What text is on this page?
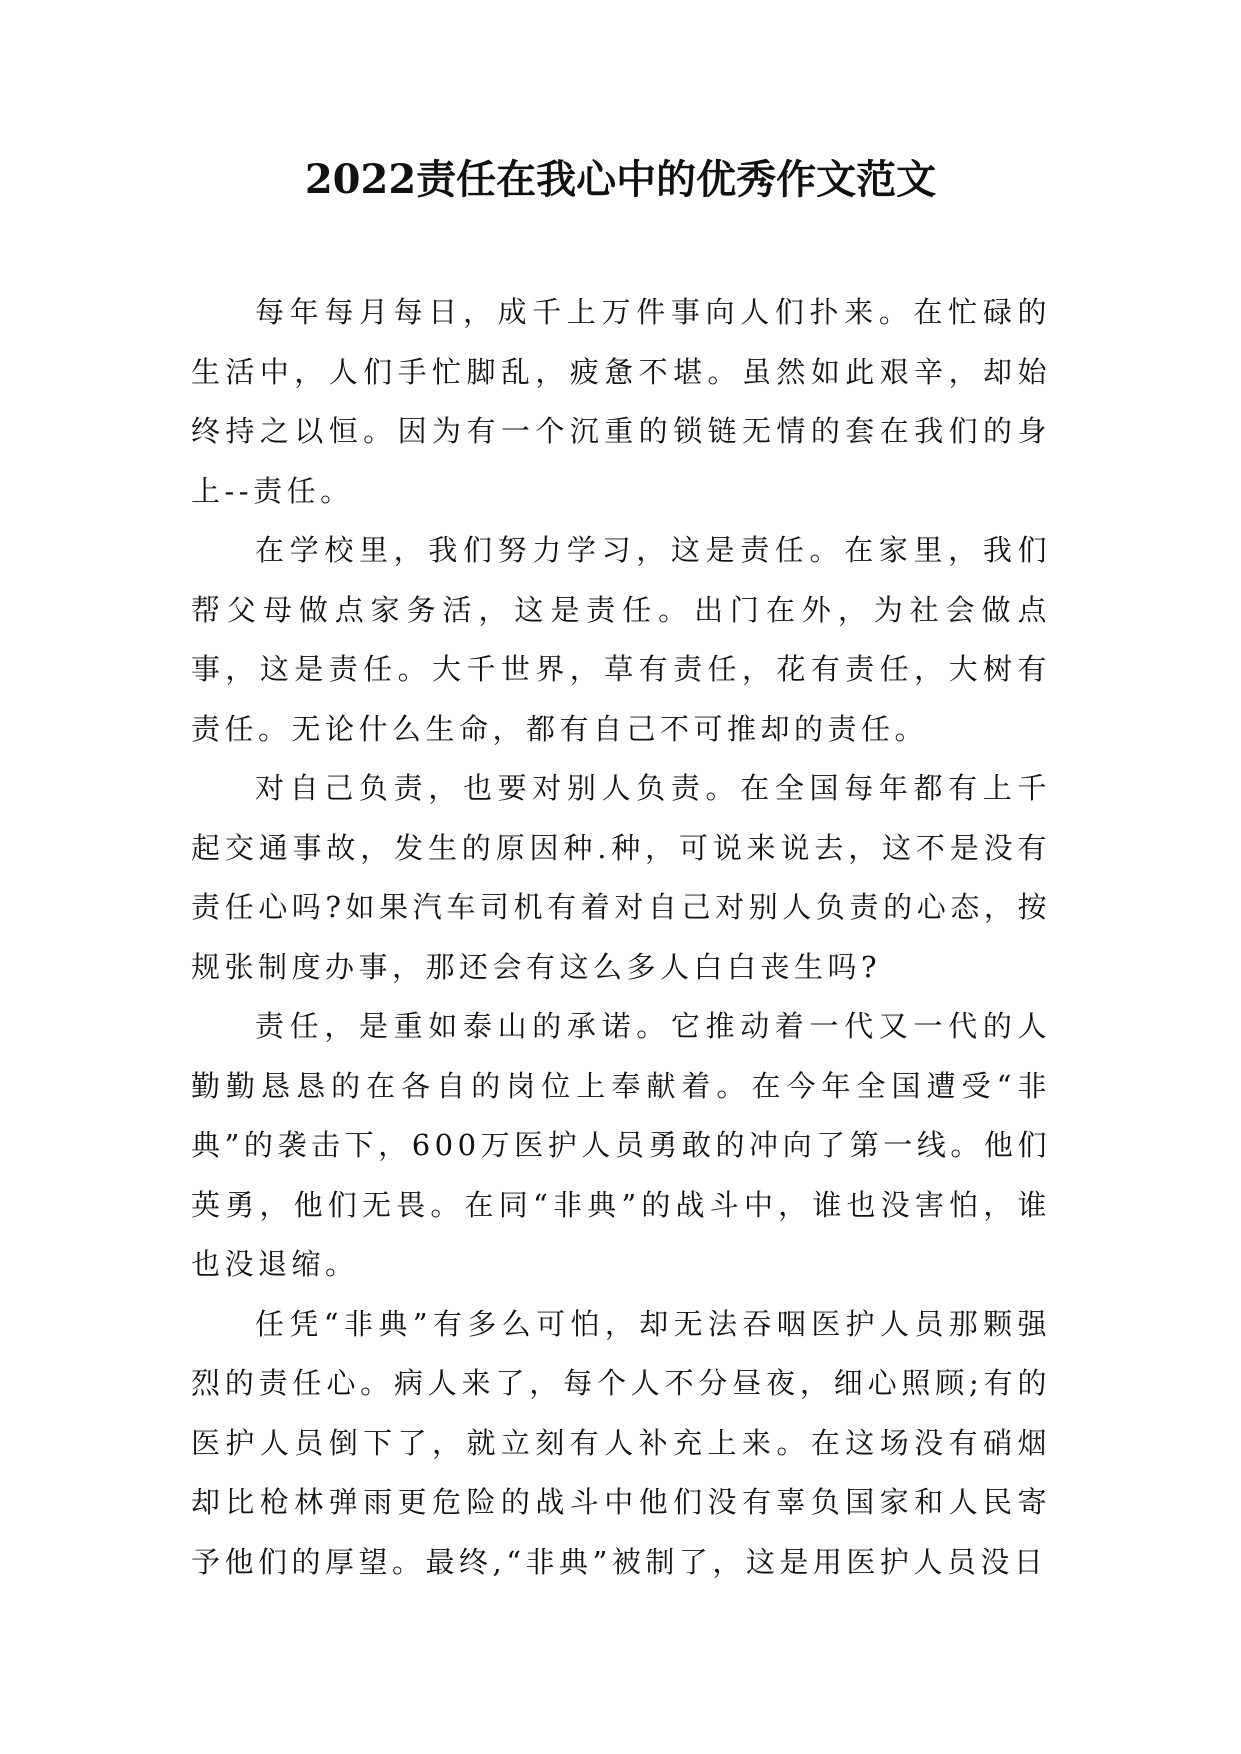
2022责任在我心中的优秀作文范文

每年每月每日，成千上万件事向人们扑来。在忙碌的生活中，人们手忙脚乱，疲惫不堪。虽然如此艰辛，却始终持之以恒。因为有一个沉重的锁链无情的套在我们的身上--责任。

在学校里，我们努力学习，这是责任。在家里，我们帮父母做点家务活，这是责任。出门在外，为社会做点事，这是责任。大千世界，草有责任，花有责任，大树有责任。无论什么生命，都有自己不可推却的责任。

对自己负责，也要对别人负责。在全国每年都有上千起交通事故，发生的原因种.种，可说来说去，这不是没有责任心吗?如果汽车司机有着对自己对别人负责的心态，按规张制度办事，那还会有这么多人白白丧生吗?

责任，是重如泰山的承诺。它推动着一代又一代的人勤勤恳恳的在各自的岗位上奉献着。在今年全国遭受“非典”的袭击下，600万医护人员勇敢的冲向了第一线。他们英勇，他们无畏。在同“非典”的战斗中，谁也没害怕，谁也没退缩。

任凭“非典”有多么可怕，却无法吞咽医护人员那颗强烈的责任心。病人来了，每个人不分昼夜，细心照顾;有的医护人员倒下了，就立刻有人补充上来。在这场没有硝烟却比枪林弹雨更危险的战斗中他们没有辜负国家和人民寄予他们的厚望。最终,“非典”被制了，这是用医护人员没日
